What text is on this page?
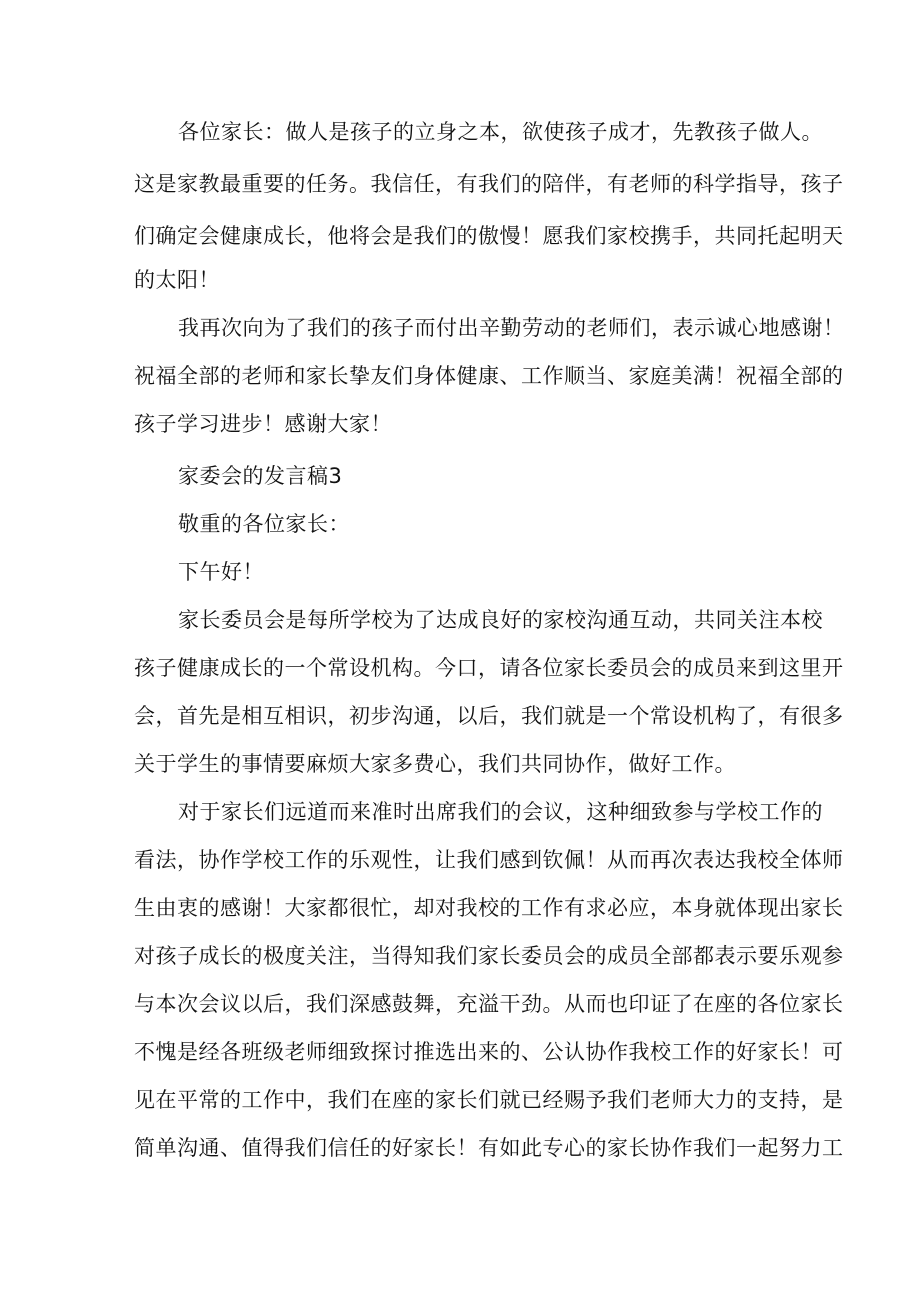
各位家长：做人是孩子的立身之本，欲使孩子成才，先教孩子做人。
这是家教最重要的任务。我信任，有我们的陪伴，有老师的科学指导，孩子
们确定会健康成长，他将会是我们的傲慢！愿我们家校携手，共同托起明天
的太阳！
我再次向为了我们的孩子而付出辛勤劳动的老师们，表示诚心地感谢！
祝福全部的老师和家长挚友们身体健康、工作顺当、家庭美满！祝福全部的
孩子学习进步！感谢大家！
家委会的发言稿3
敬重的各位家长：
下午好！
家长委员会是每所学校为了达成良好的家校沟通互动，共同关注本校
孩子健康成长的一个常设机构。今口，请各位家长委员会的成员来到这里开
会，首先是相互相识，初步沟通，以后，我们就是一个常设机构了，有很多
关于学生的事情要麻烦大家多费心，我们共同协作，做好工作。
对于家长们远道而来准时出席我们的会议，这种细致参与学校工作的
看法，协作学校工作的乐观性，让我们感到钦佩！从而再次表达我校全体师
生由衷的感谢！大家都很忙，却对我校的工作有求必应，本身就体现出家长
对孩子成长的极度关注，当得知我们家长委员会的成员全部都表示要乐观参
与本次会议以后，我们深感鼓舞，充溢干劲。从而也印证了在座的各位家长
不愧是经各班级老师细致探讨推选出来的、公认协作我校工作的好家长！可
见在平常的工作中，我们在座的家长们就已经赐予我们老师大力的支持，是
简单沟通、值得我们信任的好家长！有如此专心的家长协作我们一起努力工
